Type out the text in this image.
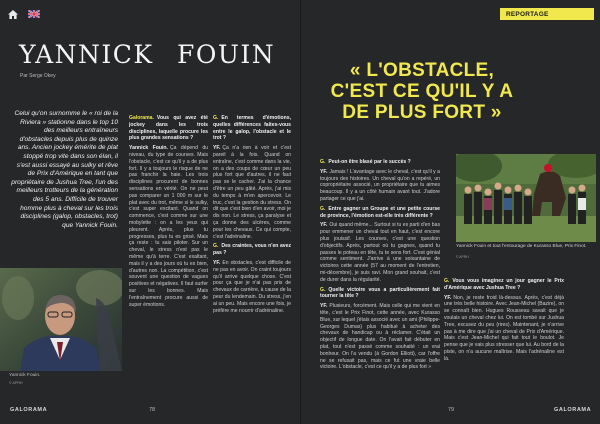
YANNICK FOUIN
Par Serge Okey

Celui qu'on surnomme le « roi de la Riviera » stationne dans le top 10 des meilleurs entraîneurs d'obstacles depuis plus de quinze ans. Ancien jockey émérite de plat stoppé trop vite dans son élan, il s'est aussi essayé au sulky et rêve de Prix d'Amérique en tant que propriétaire de Jushua Tree, l'un des meilleurs trotteurs de la génération des 5 ans. Difficile de trouver homme plus à cheval sur les trois disciplines (galop, obstacles, trot) que Yannick Fouin.

Yannick Fouin.
© APRH

Galorama. Vous qui avez été jockey dans les trois disciplines, laquelle procure les plus grandes sensations ?

Yannick Fouin. Ça dépend du niveau, du type de courses. Mais l'obstacle, c'est ce qu'il y a de plus fort. Il y a toujours le risque de ne pas franchir la haie. Les trois disciplines procurent de bonnes sensations en vérité. On ne peut pas comparer un 1 000 m sur le plat avec du trot, même si le sulky, c'est super excitant. Quand on commence, c'est comme sur une mobylette : on a les yeux qui pleurent. Après, plus tu progresses, plus tu es grisé. Mais ça reste : tu sais piloter. Sur un cheval, le stress n'est pas le même qu'à terre. C'est exaltant, mais il y a des jours où tu es bien, d'autres non. La compétition, c'est souvent une question de vagues positives et négatives. Il faut surfer sur les bonnes. Mais l'entraînement procure aussi de super émotions.

G. En termes d'émotions, quelles différences faites-vous entre le galop, l'obstacle et le trot ?

YF. Ça n'a rien à voir et c'est pareil à la fois. Quand on entraîne, c'est comme dans la vie, on a des coups de cœur un peu plus fort que d'autres, il ne faut pas se le cacher. J'ai la chance d'être un peu gâté. Après, j'ai mis du temps à m'en apercevoir. Le truc, c'est la gestion du stress. On dit que c'est bien d'en avoir, moi je dis non. Le stress, ça paralyse et ça donne des ulcères, comme pour les chevaux. Ce qui compte, c'est l'adrénaline.

G. Des craintes, vous n'en avez pas ?

YF. En obstacles, c'est difficile de ne pas en avoir. On craint toujours qu'il arrive quelque chose. C'est pour ça que je n'ai pas pris de chevaux de carrière, à cause de la peur du lendemain. Du stress, j'en ai un peu. Mais encore une fois, je préfère me nourrir d'adrénaline.

GALORAMA	78
REPORTAGE
« L'OBSTACLE, C'EST CE QU'IL Y A DE PLUS FORT »

G. Peut-on être blasé par le succès ?

YF. Jamais ! L'avantage avec le cheval, c'est qu'il y a toujours des histoires. Un cheval qu'on a repéré, un copropriétaire associé, un propriétaire que tu aimes beaucoup. Il y a un côté humain avant tout. J'adore partager ce que j'ai.

G. Entre gagner un Groupe et une petite course de province, l'émotion est-elle très différente ?

YF. Oui quand même... Surtout si tu es parti d'en bas pour emmener un cheval tout en haut, c'est encore plus jouissif. Les courses, c'est une question d'objectifs. Après, partout où tu gagnes, quand tu passes le poteau en tête, tu te sens fort. C'est génial comme sentiment. J'arrive à une soixantaine de victoires cette année (57 au moment de l'entretien, mi-décembre), je suis ravi. Mon grand souhait, c'est de durer dans la régularité.

G. Quelle victoire vous a particulièrement fait tourner la tête ?

YF. Plusieurs, forcément. Mais celle qui me vient en tête, c'est le Prix Finot, cette année, avec Kurasso Blue, sur lequel j'étais associé avec un ami (Philippe-Georges Dumas) plus habitué à acheter des chevaux de handicap ou à réclamer. C'était un objectif de longue date. On l'avait fait débuter en plat, tout n'est passé comme souhaité : un vrai bonheur. On l'a vendu (à Gordon Elliott), car l'offre ne se refusait pas, mais ce fut une vraie belle victoire. L'obstacle, c'est ce qu'il y a de plus fort »

Yannick Fouin et tout l'entourage de Kurasso Blue, Prix Finot.
© APRH

G. Vous vous imaginez un jour gagner le Prix d'Amérique avec Jushua Tree ?

YF. Non, je reste froid là-dessus. Après, c'est déjà une très belle histoire. Avec Jean-Michel (Bazire), on se connaît bien. Hugues Rousseau savait que je voulais un cheval chez lui. On est tombé sur Jushua Tree, excusez du peu (rires). Maintenant, je n'arrive pas à me dire que j'ai un cheval de Prix d'Amérique. Mais c'est Jean-Michel qui fait tout le boulot. Je pense que je vais plus stresser que lui. Au bord de la piste, on n'a aucune maîtrise. Mais l'adrénaline est là.

79	GALORAMA
